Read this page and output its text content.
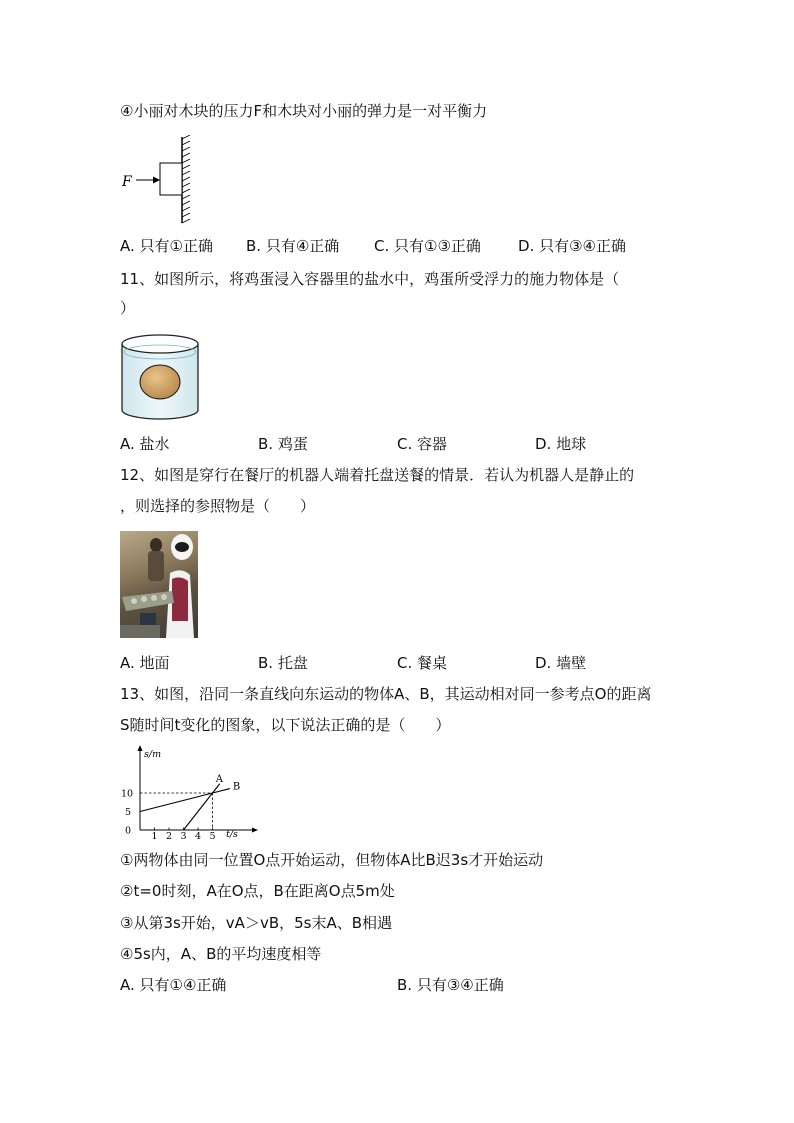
④小丽对木块的压力F和木块对小丽的弹力是一对平衡力
F
A. 只有①正确 B. 只有④正确 C. 只有①③正确 D. 只有③④正确
11、如图所示，将鸡蛋浸入容器里的盐水中，鸡蛋所受浮力的施力物体是（
）
A. 盐水	B. 鸡蛋	C. 容器	D. 地球
12、如图是穿行在餐厅的机器人端着托盘送餐的情景．若认为机器人是静止的
，则选择的参照物是（　　）
A. 地面	B. 托盘	C. 餐桌	D. 墙壁
13、如图，沿同一条直线向东运动的物体A、B，其运动相对同一参考点O的距离
S随时间t变化的图象，以下说法正确的是（　　）
s/m
t/s
1 2 3 4 5
0
5
10
A
B
①两物体由同一位置O点开始运动，但物体A比B迟3s才开始运动
②t=0时刻，A在O点，B在距离O点5m处
③从第3s开始，vA＞vB，5s末A、B相遇
④5s内，A、B的平均速度相等
A. 只有①④正确	B. 只有③④正确
